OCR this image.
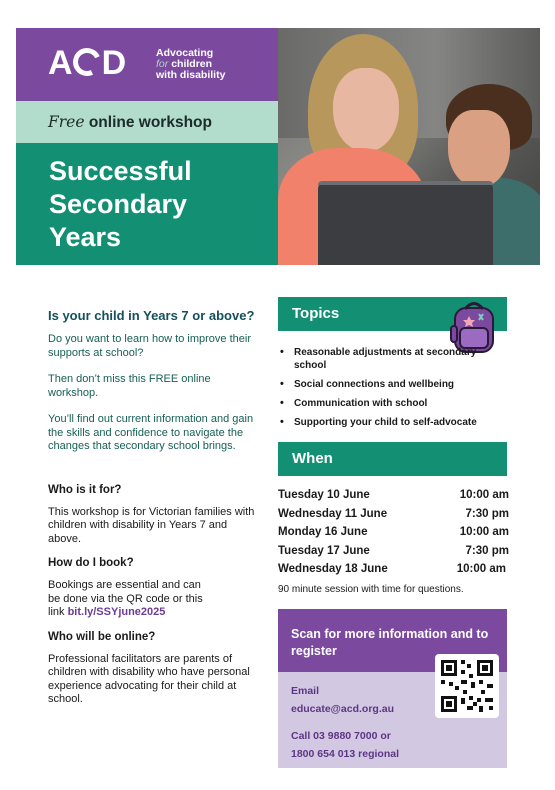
A D	Advocating
for children
with disability
Free online workshop
Successful
Secondary
Years
Is your child in Years 7 or above?
Do you want to learn how to improve their supports at school?
Then don’t miss this FREE online workshop.
You’ll find out current information and gain the skills and confidence to navigate the changes that secondary school brings.
Who is it for?
This workshop is for Victorian families with children with disability in Years 7 and above.
How do I book?
Bookings are essential and can be done via the QR code or this link bit.ly/SSYjune2025
Who will be online?
Professional facilitators are parents of children with disability who have personal experience advocating for their child at school.
Topics
• Reasonable adjustments at secondary school
• Social connections and wellbeing
• Communication with school
• Supporting your child to self-advocate
When
Tuesday 10 June	10:00 am
Wednesday 11 June	7:30 pm
Monday 16 June	10:00 am
Tuesday 17 June	7:30 pm
Wednesday 18 June	10:00 am
90 minute session with time for questions.
Scan for more information and to register
Email
educate@acd.org.au
Call 03 9880 7000 or
1800 654 013 regional
